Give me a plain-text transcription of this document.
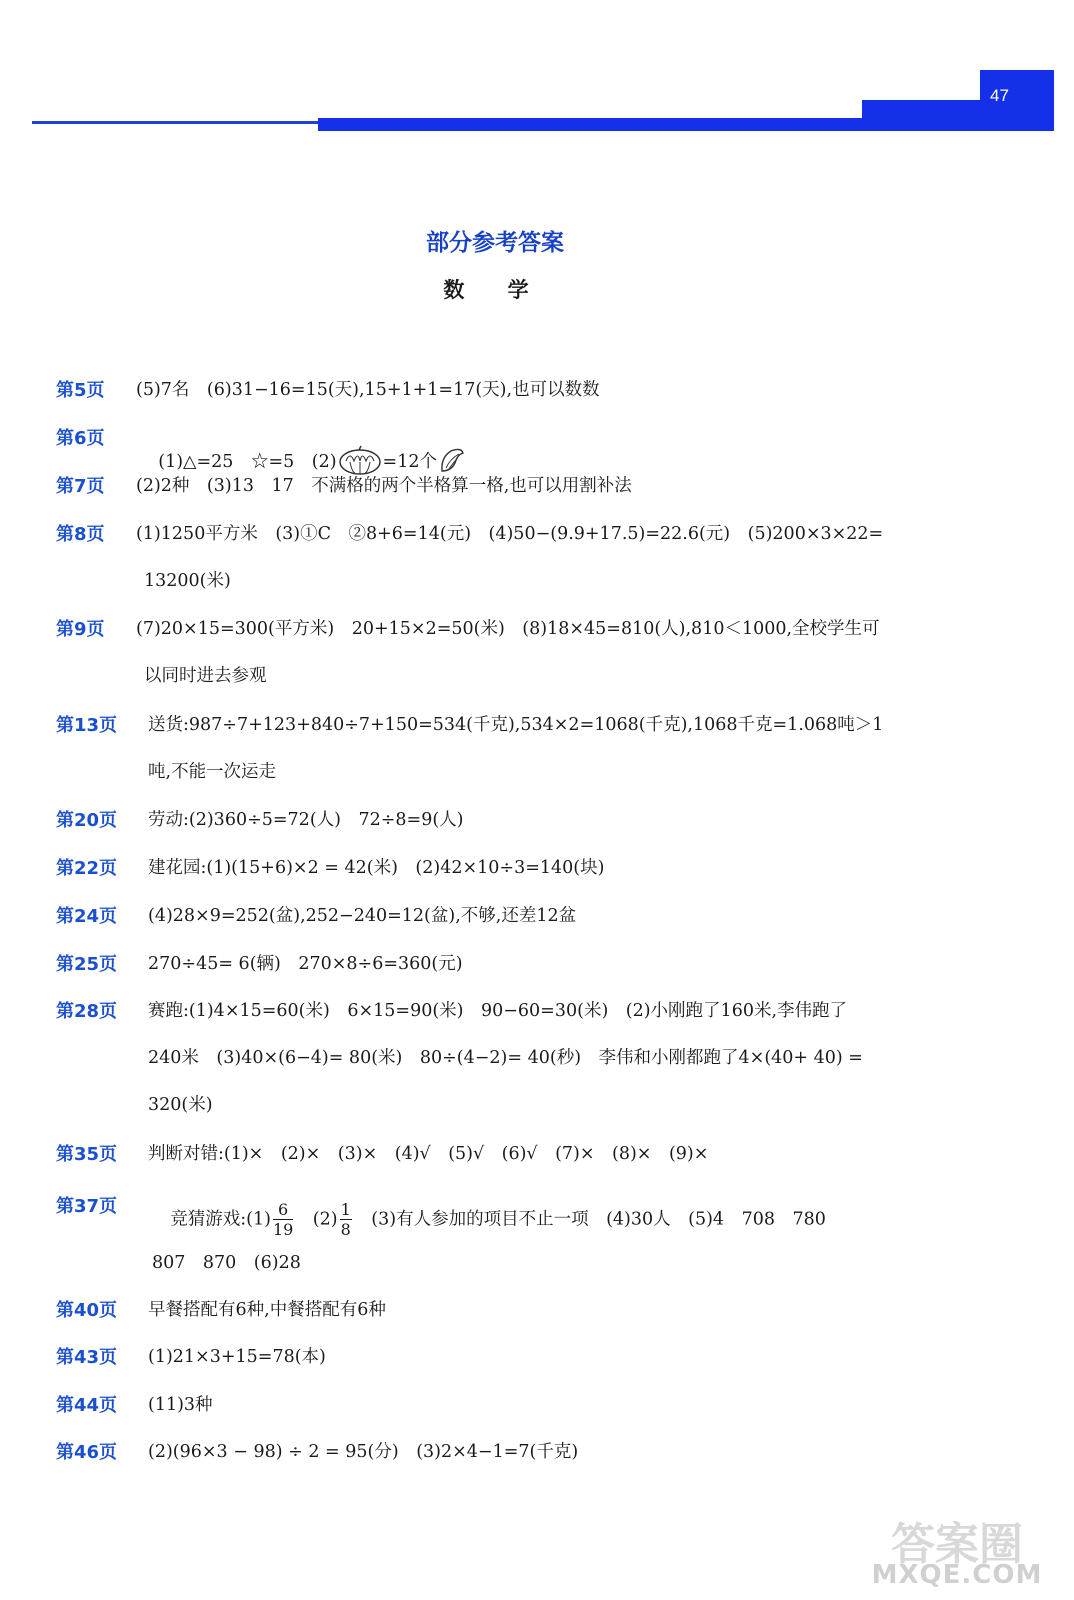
47
部分参考答案
数 学
第5页 (5)7名　(6)31−16=15(天),15+1+1=17(天),也可以数数
第6页

(1)△=25　☆=5　(2)	=12个

第7页 (2)2种　(3)13　17　不满格的两个半格算一格,也可以用割补法
第8页 (1)1250平方米　(3)①C　②8+6=14(元)　(4)50−(9.9+17.5)=22.6(元)　(5)200×3×22=
13200(米)
第9页 (7)20×15=300(平方米)　20+15×2=50(米)　(8)18×45=810(人),810＜1000,全校学生可
以同时进去参观
第13页 送货:987÷7+123+840÷7+150=534(千克),534×2=1068(千克),1068千克=1.068吨＞1
吨,不能一次运走
第20页 劳动:(2)360÷5=72(人)　72÷8=9(人)
第22页 建花园:(1)(15+6)×2 = 42(米)　(2)42×10÷3=140(块)
第24页 (4)28×9=252(盆),252−240=12(盆),不够,还差12盆
第25页 270÷45= 6(辆)　270×8÷6=360(元)
第28页 赛跑:(1)4×15=60(米)　6×15=90(米)　90−60=30(米)　(2)小刚跑了160米,李伟跑了
240米　(3)40×(6−4)= 80(米)　80÷(4−2)= 40(秒)　李伟和小刚都跑了4×(40+ 40) =
320(米)
第35页 判断对错:(1)×　(2)×　(3)×　(4)√　(5)√　(6)√　(7)×　(8)×　(9)×
第37页

竞猜游戏:(1) $\frac{6}{19}$ 　$(2) \frac{1}{8}$ 　(3)有人参加的项目不止一项　(4)30人　(5)4　708　780

807　870　(6)28
第40页 早餐搭配有6种,中餐搭配有6种
第43页 (1)21×3+15=78(本)
第44页 (11)3种
第46页 (2)(96×3 − 98) ÷ 2 = 95(分)　(3)2×4−1=7(千克)
答案圈
MXQE.COM
